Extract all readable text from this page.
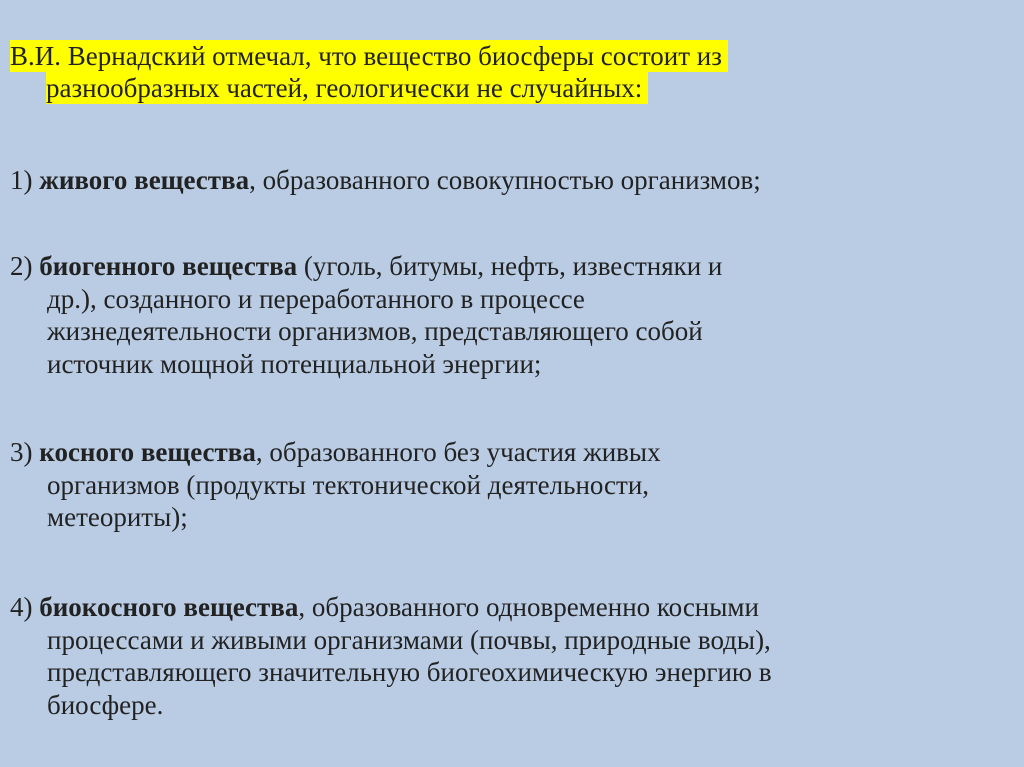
В.И. Вернадский отмечал, что вещество биосферы состоит из
разнообразных частей, геологически не случайных:
1) живого вещества, образованного совокупностью организмов;
2) биогенного вещества (уголь, битумы, нефть, известняки и
др.), созданного и переработанного в процессе
жизнедеятельности организмов, представляющего собой
источник мощной потенциальной энергии;
3) косного вещества, образованного без участия живых
организмов (продукты тектонической деятельности,
метеориты);
4) биокосного вещества, образованного одновременно косными
процессами и живыми организмами (почвы, природные воды),
представляющего значительную биогеохимическую энергию в
биосфере.
